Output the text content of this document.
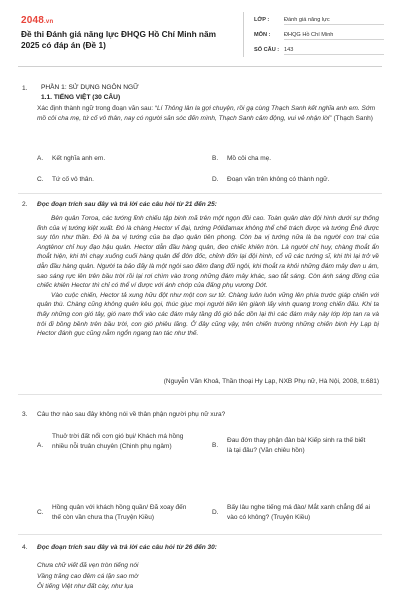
2048.vn
Đề thi Đánh giá năng lực ĐHQG Hồ Chí Minh năm 2025 có đáp án (Đề 1)
LỚP :	Đánh giá năng lực
MÔN : ĐHQG Hồ Chí Minh
SỐ CÂU : 143
1. PHẦN 1: SỬ DỤNG NGÔN NGỮ
1.1. TIẾNG VIỆT (30 CÂU)
Xác định thành ngữ trong đoạn văn sau: “Lí Thông lân la gợi chuyện, rồi gạ cùng Thạch Sanh kết nghĩa anh em. Sớm mồ côi cha mẹ, tứ cố vô thân, nay có người săn sóc đến mình, Thạch Sanh cảm động, vui vẻ nhận lời” (Thạch Sanh)
A. Kết nghĩa anh em.	B. Mồ côi cha mẹ.
C. Tứ cố vô thân.	D. Đoạn văn trên không có thành ngữ.
2. Đọc đoạn trích sau đây và trả lời các câu hỏi từ 21 đến 25:

Bên quân Tơroa, các tướng lĩnh chiếu tập binh mã trên một ngọn đồi cao. Toàn quân dàn đội hình dưới sự thống lĩnh của vị tướng kiệt xuất. Đó là chàng Hector vĩ đại, tướng Pôliđamax không thể chế trách được và tướng Ênê được suy tôn như thần. Đó là ba vị tướng của ba đạo quân tiên phong. Còn ba vị tướng nữa là ba người con trai của Angtênor chỉ huy đạo hậu quân. Hector dẫn đầu hàng quân, đeo chiếc khiên tròn. Là người chỉ huy, chàng thoắt ẩn thoắt hiện, khi thì chạy xuống cuối hàng quân để đôn đốc, chỉnh đốn lại đội hình, cổ vũ các tướng sĩ, khi thì lại trở về dẫn đầu hàng quân. Người ta bảo đấy là một ngôi sao đêm đang đối ngôi, khi thoắt ra khỏi những đám mây đen u ám, sao sáng rực lên trên bầu trời rồi lại rơi chìm vào trong những đám mây khác, sao tắt sáng. Còn ánh sáng đồng của chiếc khiên Hector thì chỉ có thể ví được với ánh chớp của đấng phụ vương Dớt.

Vào cuộc chiến, Hector tả xung hữu đột như một con sư tử. Chàng luôn luôn vững lên phía trước giáp chiến với quân thù. Chàng cũng không quên kêu gọi, thúc giục mọi người tiến lên giành lấy vinh quang trong chiến đấu. Khi ta thấy những con gió tây, gió nam thổi vào các đám mây tầng đỏ gió bắc dồn lại thì các đám mây này lớp lớp tan ra và trôi đi bồng bềnh trên bầu trời, con gió phiêu lãng. Ở đây cũng vậy, trên chiến trường những chiến binh Hy Lạp bị Hector đánh gục cũng nằm ngổn ngang tan tác như thế.

(Nguyễn Văn Khoả, Thần thoại Hy Lạp, NXB Phụ nữ, Hà Nội, 2008, tr.681)
3. Câu thơ nào sau đây không nói về thân phận người phụ nữ xưa?
A.
Thuở trời đất nổi cơn gió bụi/ Khách má hồng nhiều nỗi truân chuyên (Chinh phụ ngâm)	B.
Đau đớn thay phận đàn bà/ Kiếp sinh ra thế biết là tại đâu? (Văn chiêu hồn)
C.
Hồng quân với khách hồng quần/ Đã xoay đến thế còn vần chưa tha (Truyện Kiều)
D.
Bấy lâu nghe tiếng má đào/ Mắt xanh chẳng để ai vào có không? (Truyện Kiều)
4. Đọc đoạn trích sau đây và trả lời các câu hỏi từ 26 đến 30:
Chưa chữ viết đã vẹn tròn tiếng nói
Vầng trăng cao đêm cá lặn sao mờ
Ôi tiếng Việt như đất cày, như lụa
